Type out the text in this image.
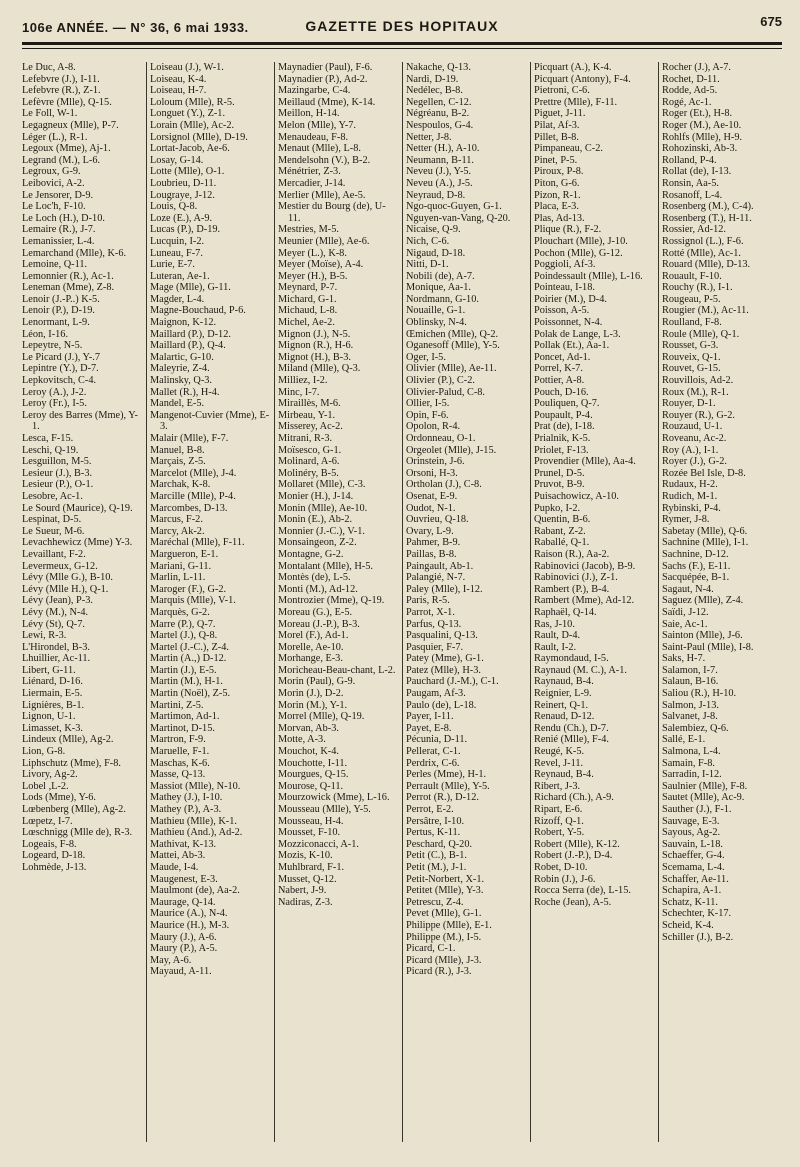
106e ANNÉE. — N° 36, 6 mai 1933.	GAZETTE DES HOPITAUX	675

Le Duc, A-8.

Lefebvre (J.), I-11.

Lefebvre (R.), Z-1.

Lefèvre (Mlle), Q-15.

Le Foll, W-1.

Legagneux (Mlle), P-7.

Léger (L.), R-1.

Legoux (Mme), Aj-1.

Legrand (M.), L-6.

Legroux, G-9.

Leibovici, A-2.

Le Jensorer, D-9.

Le Loc'h, F-10.

Le Loch (H.), D-10.

Lemaire (R.), J-7.

Lemanissier, L-4.

Lemarchand (Mlle), K-6.

Lemoine, Q-11.

Lemonnier (R.), Ac-1.

Leneman (Mme), Z-8.

Lenoir (J.-P..) K-5.

Lenoir (P.), D-19.

Lenormant, L-9.

Léon, I-16.

Lepeytre, N-5.

Le Picard (J.), Y-.7

Lepintre (Y.), D-7.

Lepkovitsch, C-4.

Leroy (A.), J-2.

Leroy (Fr.), I-5.

Leroy des Barres (Mme), Y-1.

Lesca, F-15.

Leschi, Q-19.

Lesguillon, M-5.

Lesieur (J.), B-3.

Lesieur (P.), O-1.

Lesobre, Ac-1.

Le Sourd (Maurice), Q-19.

Lespinat, D-5.

Le Sueur, M-6.

Levachhewicz (Mme) Y-3.

Levaillant, F-2.

Levermeux, G-12.

Lévy (Mlle G.), B-10.

Lévy (Mlle H.), Q-1.

Lévy (Jean), P-3.

Lévy (M.), N-4.

Lévy (St), Q-7.

Lewi, R-3.

L'Hirondel, B-3.

Lhuillier, Ac-11.

Libert, G-11.

Liénard, D-16.

Liermain, E-5.

Lignières, B-1.

Lignon, U-1.

Limasset, K-3.

Lindeux (Mlle), Ag-2.

Lion, G-8.

Liphschutz (Mme), F-8.

Livory, Ag-2.

Lobel ,L-2.

Lods (Mme), Y-6.

Lœbenberg (Mlle), Ag-2.

Lœpetz, I-7.

Lœschnigg (Mlle de), R-3.

Logeais, F-8.

Logeard, D-18.

Lohmède, J-13.

Loiseau (J.), W-1.

Loiseau, K-4.

Loiseau, H-7.

Loloum (Mlle), R-5.

Longuet (Y.), Z-1.

Lorain (Mlle), Ac-2.

Lorsignol (Mlle), D-19.

Lortat-Jacob, Ae-6.

Losay, G-14.

Lotte (Mlle), O-1.

Loubrieu, D-11.

Lougraye, J-12.

Louis, Q-8.

Loze (E.), A-9.

Lucas (P.), D-19.

Lucquin, I-2.

Luneau, F-7.

Lurie, E-7.

Luteran, Ae-1.

Mage (Mlle), G-11.

Magder, L-4.

Magne-Bouchaud, P-6.

Maignon, K-12.

Maillard (P.), D-12.

Maillard (P.), Q-4.

Malartic, G-10.

Maleyrie, Z-4.

Malinsky, Q-3.

Mallet (R.), H-4.

Mandel, E-5.

Mangenot-Cuvier (Mme), E-3.

Malair (Mlle), F-7.

Manuel, B-8.

Marçais, Z-5.

Marcelot (Mlle), J-4.

Marchak, K-8.

Marcille (Mlle), P-4.

Marcombes, D-13.

Marcus, F-2.

Marcy, Ak-2.

Maréchal (Mlle), F-11.

Margueron, E-1.

Mariani, G-11.

Marlin, L-11.

Maroger (F.), G-2.

Marquis (Mlle), V-1.

Marquès, G-2.

Marre (P.), Q-7.

Martel (J.), Q-8.

Martel (J.-C.), Z-4.

Martin (A.,) D-12.

Martin (J.), E-5.

Martin (M.), H-1.

Martin (Noël), Z-5.

Martini, Z-5.

Martimon, Ad-1.

Martinot, D-15.

Martron, F-9.

Maruelle, F-1.

Maschas, K-6.

Masse, Q-13.

Massiot (Mlle), N-10.

Mathey (J.), I-10.

Mathey (P.), A-3.

Mathieu (Mlle), K-1.

Mathieu (And.), Ad-2.

Mathivat, K-13.

Mattei, Ab-3.

Maude, I-4.

Maugenest, E-3.

Maulmont (de), Aa-2.

Maurage, Q-14.

Maurice (A.), N-4.

Maurice (H.), M-3.

Maury (J.), A-6.

Maury (P.), A-5.

May, A-6.

Mayaud, A-11.

Maynadier (Paul), F-6.

Maynadier (P.), Ad-2.

Mazingarbe, C-4.

Meillaud (Mme), K-14.

Meillon, H-14.

Melon (Mlle), Y-7.

Menaudeau, F-8.

Menaut (Mlle), L-8.

Mendelsohn (V.), B-2.

Ménétrier, Z-3.

Mercadier, J-14.

Merlier (Mlle), Ae-5.

Mestier du Bourg (de), U-11.

Mestries, M-5.

Meunier (Mlle), Ae-6.

Meyer (L.), K-8.

Meyer (Moïse), A-4.

Meyer (H.), B-5.

Meynard, P-7.

Michard, G-1.

Michaud, L-8.

Michel, Ae-2.

Mignon (J.), N-5.

Mignon (R.), H-6.

Mignot (H.), B-3.

Miland (Mlle), Q-3.

Milliez, I-2.

Minc, I-7.

Miraillès, M-6.

Mirbeau, Y-1.

Misserey, Ac-2.

Mitrani, R-3.

Moïsesco, G-1.

Molinard, A-6.

Molinéry, B-5.

Mollaret (Mlle), C-3.

Monier (H.), J-14.

Monin (Mlle), Ae-10.

Monin (E.), Ab-2.

Monnier (J.-C.), V-1.

Monsaingeon, Z-2.

Montagne, G-2.

Montalant (Mlle), H-5.

Montès (de), L-5.

Monti (M.), Ad-12.

Montrozier (Mme), Q-19.

Moreau (G.), E-5.

Moreau (J.-P.), B-3.

Morel (F.), Ad-1.

Morelle, Ae-10.

Morhange, E-3.

Moricheau-Beau-chant, L-2.

Morin (Paul), G-9.

Morin (J.), D-2.

Morin (M.), Y-1.

Morrel (Mlle), Q-19.

Morvan, Ab-3.

Motte, A-3.

Mouchot, K-4.

Mouchotte, I-11.

Mourgues, Q-15.

Mourose, Q-11.

Mourzowick (Mme), L-16.

Mousseau (Mlle), Y-5.

Mousseau, H-4.

Mousset, F-10.

Mozziconacci, A-1.

Mozis, K-10.

Muhlbrard, F-1.

Musset, Q-12.

Nabert, J-9.

Nadiras, Z-3.

Nakache, Q-13.

Nardi, D-19.

Nedélec, B-8.

Negellen, C-12.

Négréanu, B-2.

Nespoulos, G-4.

Netter, J-8.

Netter (H.), A-10.

Neumann, B-11.

Neveu (J.), Y-5.

Neveu (A.), J-5.

Neyraud, D-8.

Ngo-quoc-Guyen, G-1.

Nguyen-van-Vang, Q-20.

Nicaise, Q-9.

Nich, C-6.

Nigaud, D-18.

Nitti, D-1.

Nobili (de), A-7.

Monique, Aa-1.

Nordmann, G-10.

Nouaille, G-1.

Oblinsky, N-4.

Œmichen (Mlle), Q-2.

Oganesoff (Mlle), Y-5.

Oger, I-5.

Olivier (Mlle), Ae-11.

Olivier (P.), C-2.

Olivier-Palud, C-8.

Ollier, I-5.

Opin, F-6.

Opolon, R-4.

Ordonneau, O-1.

Orgeolet (Mlle), J-15.

Orinstein, J-6.

Orsoni, H-3.

Ortholan (J.), C-8.

Osenat, E-9.

Oudot, N-1.

Ouvrieu, Q-18.

Ovary, L-9.

Pahmer, B-9.

Paillas, B-8.

Paingault, Ab-1.

Palangié, N-7.

Paley (Mlle), I-12.

Paris, R-5.

Parrot, X-1.

Parfus, Q-13.

Pasqualini, Q-13.

Pasquier, F-7.

Patey (Mme), G-1.

Patez (Mlle), H-3.

Pauchard (J.-M.), C-1.

Paugam, Af-3.

Paulo (de), L-18.

Payer, I-11.

Payet, E-8.

Pécunia, D-11.

Pellerat, C-1.

Perdrix, C-6.

Perles (Mme), H-1.

Perrault (Mlle), Y-5.

Perrot (R.), D-12.

Perrot, E-2.

Persâtre, I-10.

Pertus, K-11.

Peschard, Q-20.

Petit (C.), B-1.

Petit (M.), J-1.

Petit-Norbert, X-1.

Petitet (Mlle), Y-3.

Petrescu, Z-4.

Pevet (Mlle), G-1.

Philippe (Mlle), E-1.

Philippe (M.), I-5.

Picard, C-1.

Picard (Mlle), J-3.

Picard (R.), J-3.

Picquart (A.), K-4.

Picquart (Antony), F-4.

Pietroni, C-6.

Prettre (Mlle), F-11.

Piguet, J-11.

Pilat, Af-3.

Pillet, B-8.

Pimpaneau, C-2.

Pinet, P-5.

Piroux, P-8.

Piton, G-6.

Pizon, R-1.

Placa, E-3.

Plas, Ad-13.

Plique (R.), F-2.

Plouchart (Mlle), J-10.

Pochon (Mlle), G-12.

Poggioli, Af-3.

Poindessault (Mlle), L-16.

Pointeau, I-18.

Poirier (M.), D-4.

Poisson, A-5.

Poissonnet, N-4.

Polak de Lange, L-3.

Pollak (Et.), Aa-1.

Poncet, Ad-1.

Porrel, K-7.

Pottier, A-8.

Pouch, D-16.

Pouliquen, Q-7.

Poupault, P-4.

Prat (de), I-18.

Prialnik, K-5.

Priolet, F-13.

Provendier (Mlle), Aa-4.

Prunel, D-5.

Pruvot, B-9.

Puisachowicz, A-10.

Pupko, I-2.

Quentin, B-6.

Rabant, Z-2.

Raballé, Q-1.

Raison (R.), Aa-2.

Rabinovici (Jacob), B-9.

Rabinovici (J.), Z-1.

Rambert (P.), B-4.

Rambert (Mme), Ad-12.

Raphaël, Q-14.

Ras, J-10.

Rault, D-4.

Rault, I-2.

Raymondaud, I-5.

Raynaud (M. C.), A-1.

Raynaud, B-4.

Reignier, L-9.

Reinert, Q-1.

Renaud, D-12.

Rendu (Ch.), D-7.

Renié (Mlle), F-4.

Reugé, K-5.

Revel, J-11.

Reynaud, B-4.

Ribert, J-3.

Richard (Ch.), A-9.

Ripart, E-6.

Rizoff, Q-1.

Robert, Y-5.

Robert (Mlle), K-12.

Robert (J.-P.), D-4.

Robet, D-10.

Robin (J.), J-6.

Rocca Serra (de), L-15.

Roche (Jean), A-5.

Rocher (J.), A-7.

Rochet, D-11.

Rodde, Ad-5.

Rogé, Ac-1.

Roger (Et.), H-8.

Roger (M.), Ae-10.

Rohlfs (Mlle), H-9.

Rohozinski, Ab-3.

Rolland, P-4.

Rollat (de), I-13.

Ronsin, Aa-5.

Rosanoff, L-4.

Rosenberg (M.), C-4).

Rosenberg (T.), H-11.

Rossier, Ad-12.

Rossignol (L.), F-6.

Rotté (Mlle), Ac-1.

Rouard (Mlle), D-13.

Rouault, F-10.

Rouchy (R.), I-1.

Rougeau, P-5.

Rougier (M.), Ac-11.

Roulland, F-8.

Roule (Mlle), Q-1.

Rousset, G-3.

Rouveix, Q-1.

Rouvet, G-15.

Rouvillois, Ad-2.

Roux (M.), R-1.

Rouyer, D-1.

Rouyer (R.), G-2.

Rouzaud, U-1.

Roveanu, Ac-2.

Roy (A.), I-1.

Royer (J.), G-2.

Rozée Bel Isle, D-8.

Rudaux, H-2.

Rudich, M-1.

Rybinski, P-4.

Rymer, J-8.

Sabetay (Mlle), Q-6.

Sachnine (Mlle), I-1.

Sachnine, D-12.

Sachs (F.), E-11.

Sacquépée, B-1.

Sagaut, N-4.

Saguez (Mlle), Z-4.

Saïdi, J-12.

Saie, Ac-1.

Sainton (Mlle), J-6.

Saint-Paul (Mlle), I-8.

Saks, H-7.

Salamon, I-7.

Salaun, B-16.

Saliou (R.), H-10.

Salmon, J-13.

Salvanet, J-8.

Salembiez, Q-6.

Sallé, E-1.

Salmona, L-4.

Samain, F-8.

Sarradin, I-12.

Saulnier (Mlle), F-8.

Sautet (Mlle), Ac-9.

Sauther (J.), F-1.

Sauvage, E-3.

Sayous, Ag-2.

Sauvain, L-18.

Schaeffer, G-4.

Scemama, L-4.

Schaffer, Ae-11.

Schapira, A-1.

Schatz, K-11.

Schechter, K-17.

Scheid, K-4.

Schiller (J.), B-2.
